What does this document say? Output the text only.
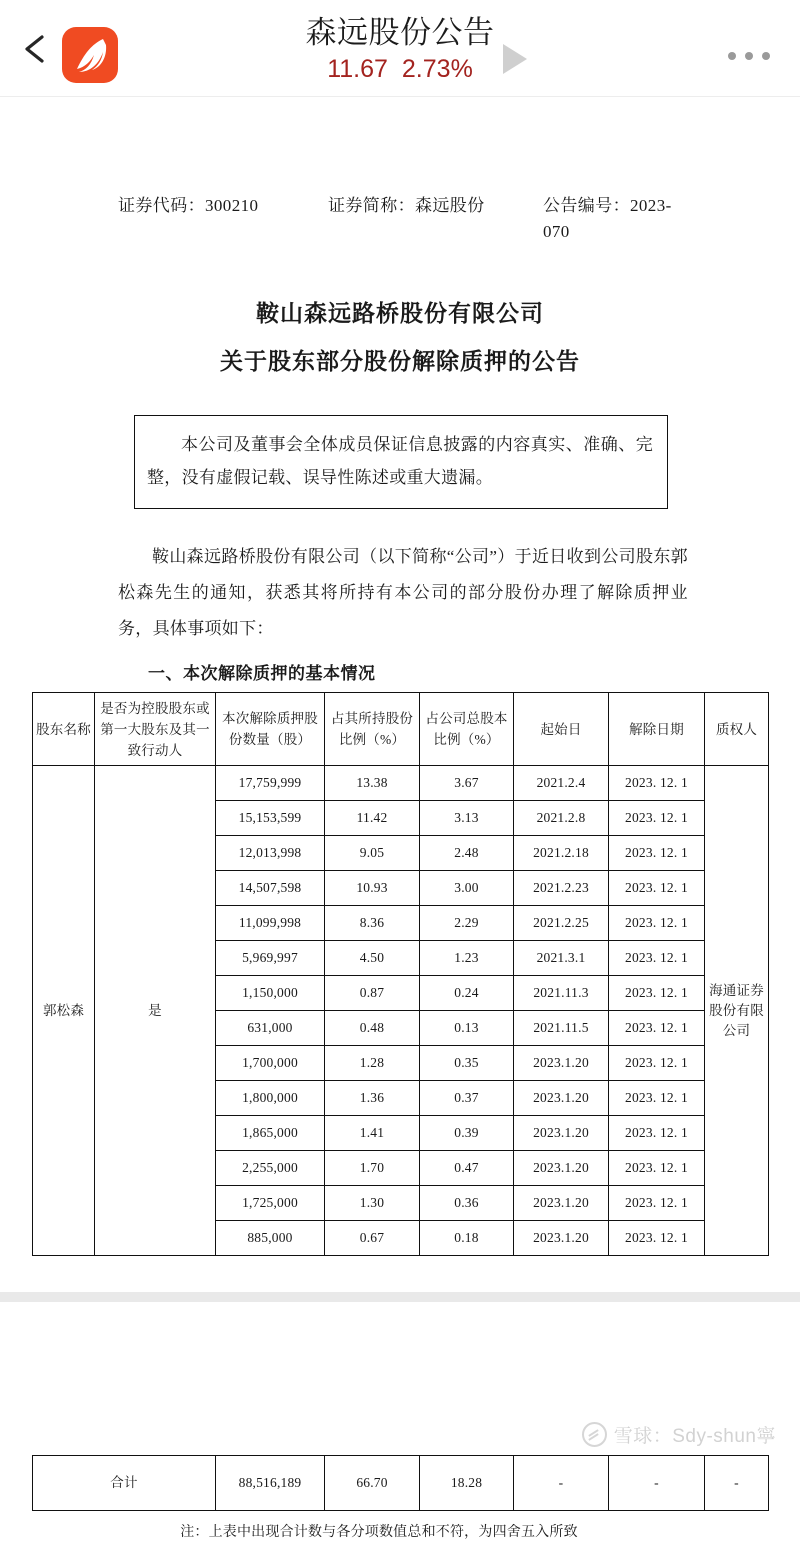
森远股份公告
11.67 2.73%
证券代码：300210	证券简称：森远股份	公告编号：2023-070
鞍山森远路桥股份有限公司
关于股东部分股份解除质押的公告

本公司及董事会全体成员保证信息披露的内容真实、准确、完整，没有虚假记载、误导性陈述或重大遗漏。

鞍山森远路桥股份有限公司（以下简称“公司”）于近日收到公司股东郭松森先生的通知，获悉其将所持有本公司的部分股份办理了解除质押业务，具体事项如下：
一、本次解除质押的基本情况
股东名称	是否为控股股东或第一大股东及其一致行动人	本次解除质押股份数量（股）	占其所持股份比例（%）	占公司总股本比例（%）	起始日	解除日期	质权人
郭松森	是	17,759,999	13.38	3.67	2021.2.4	2023. 12. 1	海通证券股份有限公司
		15,153,599	11.42	3.13	2021.2.8	2023. 12. 1	
		12,013,998	9.05	2.48	2021.2.18	2023. 12. 1	
		14,507,598	10.93	3.00	2021.2.23	2023. 12. 1	
		11,099,998	8.36	2.29	2021.2.25	2023. 12. 1	
		5,969,997	4.50	1.23	2021.3.1	2023. 12. 1	
		1,150,000	0.87	0.24	2021.11.3	2023. 12. 1	
		631,000	0.48	0.13	2021.11.5	2023. 12. 1	
		1,700,000	1.28	0.35	2023.1.20	2023. 12. 1	
		1,800,000	1.36	0.37	2023.1.20	2023. 12. 1	
		1,865,000	1.41	0.39	2023.1.20	2023. 12. 1	
		2,255,000	1.70	0.47	2023.1.20	2023. 12. 1	
		1,725,000	1.30	0.36	2023.1.20	2023. 12. 1	
		885,000	0.67	0.18	2023.1.20	2023. 12. 1	
合计	88,516,189	66.70	18.28	-	-	-
注：上表中出现合计数与各分项数值总和不符，为四舍五入所致
雪球：Sdy-shun寧
